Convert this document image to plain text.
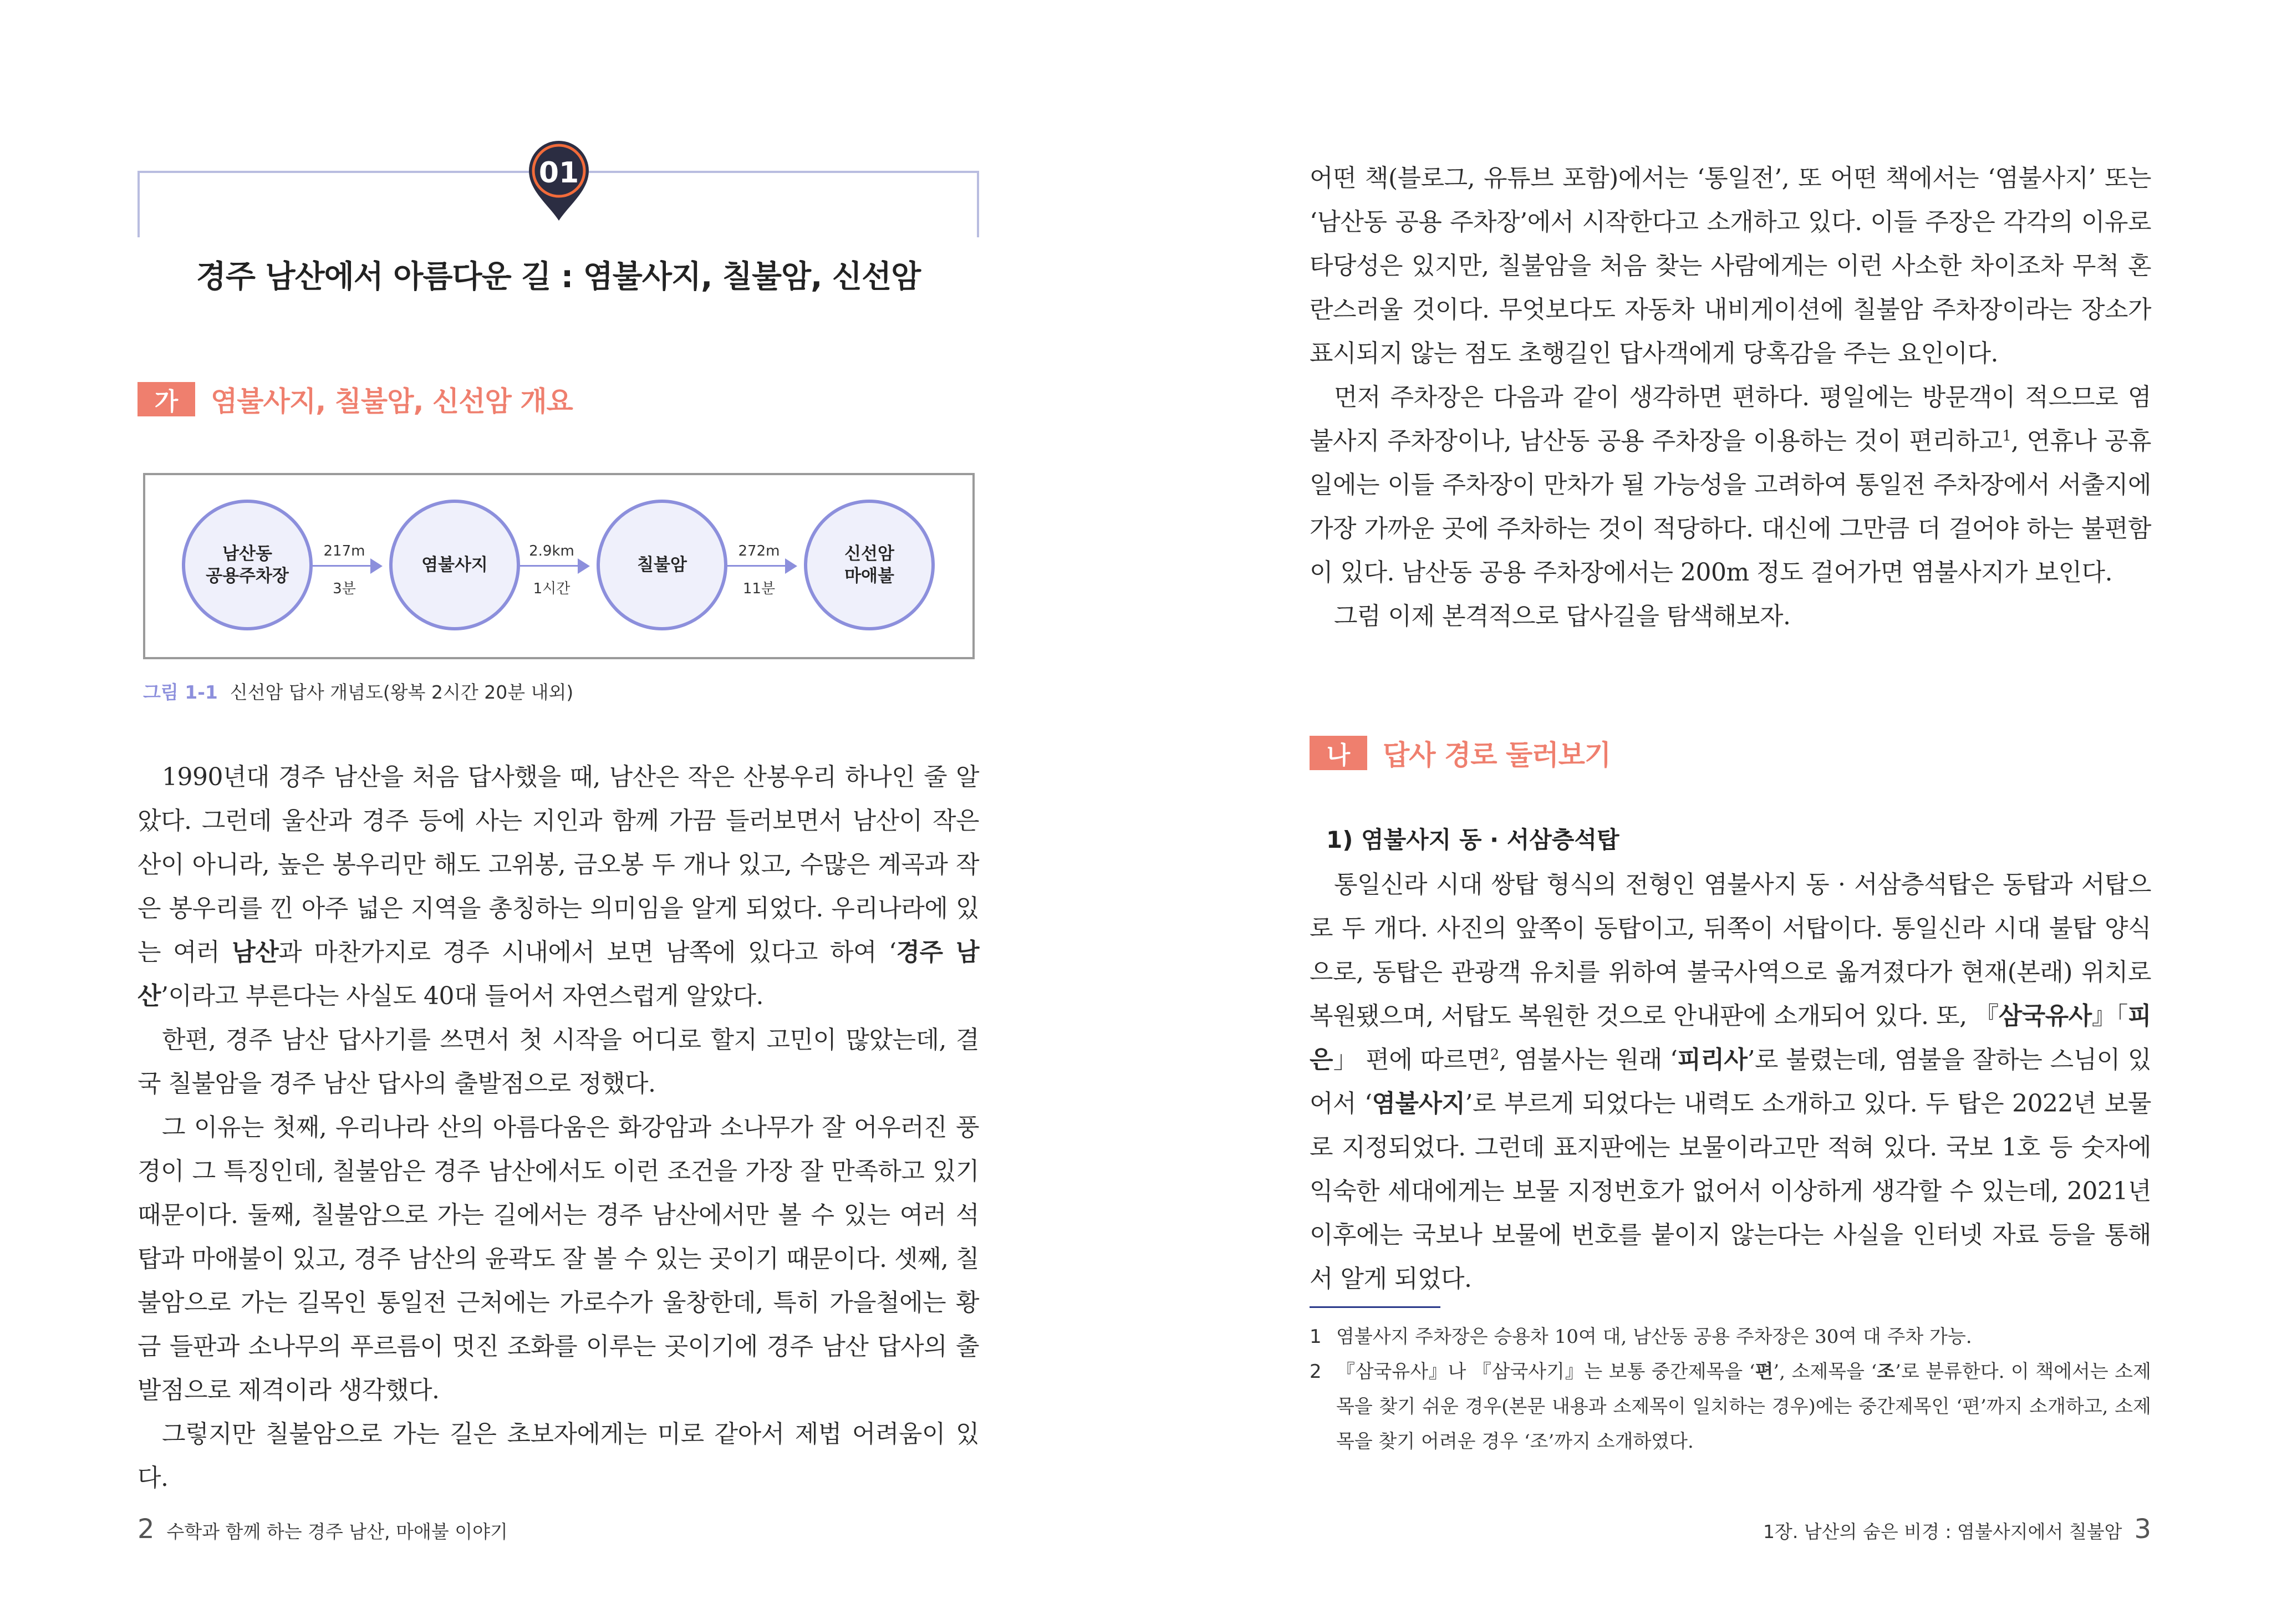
01
경주 남산에서 아름다운 길 : 염불사지, 칠불암, 신선암
가	염불사지, 칠불암, 신선암 개요
남산동
공용주차장
217m
3분
염불사지
2.9km
1시간
칠불암
272m
11분
신선암
마애불
그림 1-1 신선암 답사 개념도(왕복 2시간 20분 내외)

1990년대 경주 남산을 처음 답사했을 때, 남산은 작은 산봉우리 하나인 줄 알았다. 그런데 울산과 경주 등에 사는 지인과 함께 가끔 들러보면서 남산이 작은 산이 아니라, 높은 봉우리만 해도 고위봉, 금오봉 두 개나 있고, 수많은 계곡과 작은 봉우리를 낀 아주 넓은 지역을 총칭하는 의미임을 알게 되었다. 우리나라에 있는 여러 남산과 마찬가지로 경주 시내에서 보면 남쪽에 있다고 하여 ‘경주 남산’이라고 부른다는 사실도 40대 들어서 자연스럽게 알았다.

한편, 경주 남산 답사기를 쓰면서 첫 시작을 어디로 할지 고민이 많았는데, 결국 칠불암을 경주 남산 답사의 출발점으로 정했다.

그 이유는 첫째, 우리나라 산의 아름다움은 화강암과 소나무가 잘 어우러진 풍경이 그 특징인데, 칠불암은 경주 남산에서도 이런 조건을 가장 잘 만족하고 있기 때문이다. 둘째, 칠불암으로 가는 길에서는 경주 남산에서만 볼 수 있는 여러 석탑과 마애불이 있고, 경주 남산의 윤곽도 잘 볼 수 있는 곳이기 때문이다. 셋째, 칠불암으로 가는 길목인 통일전 근처에는 가로수가 울창한데, 특히 가을철에는 황금 들판과 소나무의 푸르름이 멋진 조화를 이루는 곳이기에 경주 남산 답사의 출발점으로 제격이라 생각했다.

그렇지만 칠불암으로 가는 길은 초보자에게는 미로 같아서 제법 어려움이 있다.

2 수학과 함께 하는 경주 남산, 마애불 이야기

어떤 책(블로그, 유튜브 포함)에서는 ‘통일전’, 또 어떤 책에서는 ‘염불사지’ 또는 ‘남산동 공용 주차장’에서 시작한다고 소개하고 있다. 이들 주장은 각각의 이유로 타당성은 있지만, 칠불암을 처음 찾는 사람에게는 이런 사소한 차이조차 무척 혼란스러울 것이다. 무엇보다도 자동차 내비게이션에 칠불암 주차장이라는 장소가 표시되지 않는 점도 초행길인 답사객에게 당혹감을 주는 요인이다.

먼저 주차장은 다음과 같이 생각하면 편하다. 평일에는 방문객이 적으므로 염불사지 주차장이나, 남산동 공용 주차장을 이용하는 것이 편리하고$^1$, 연휴나 공휴일에는 이들 주차장이 만차가 될 가능성을 고려하여 통일전 주차장에서 서출지에 가장 가까운 곳에 주차하는 것이 적당하다. 대신에 그만큼 더 걸어야 하는 불편함이 있다. 남산동 공용 주차장에서는 200m 정도 걸어가면 염불사지가 보인다.

그럼 이제 본격적으로 답사길을 탐색해보자.

나	답사 경로 둘러보기
1) 염불사지 동 · 서삼층석탑

통일신라 시대 쌍탑 형식의 전형인 염불사지 동 · 서삼층석탑은 동탑과 서탑으로 두 개다. 사진의 앞쪽이 동탑이고, 뒤쪽이 서탑이다. 통일신라 시대 불탑 양식으로, 동탑은 관광객 유치를 위하여 불국사역으로 옮겨졌다가 현재(본래) 위치로 복원됐으며, 서탑도 복원한 것으로 안내판에 소개되어 있다. 또, 『삼국유사』「피은」 편에 따르면$^2$, 염불사는 원래 ‘피리사’로 불렸는데, 염불을 잘하는 스님이 있어서 ‘염불사지’로 부르게 되었다는 내력도 소개하고 있다. 두 탑은 2022년 보물로 지정되었다. 그런데 표지판에는 보물이라고만 적혀 있다. 국보 1호 등 숫자에 익숙한 세대에게는 보물 지정번호가 없어서 이상하게 생각할 수 있는데, 2021년 이후에는 국보나 보물에 번호를 붙이지 않는다는 사실을 인터넷 자료 등을 통해서 알게 되었다.

1 염불사지 주차장은 승용차 10여 대, 남산동 공용 주차장은 30여 대 주차 가능.
2 『삼국유사』나 『삼국사기』는 보통 중간제목을 ‘편’, 소제목을 ‘조’로 분류한다. 이 책에서는 소제목을 찾기 쉬운 경우(본문 내용과 소제목이 일치하는 경우)에는 중간제목인 ‘편’까지 소개하고, 소제목을 찾기 어려운 경우 ‘조’까지 소개하였다.
1장. 남산의 숨은 비경 : 염불사지에서 칠불암 3
